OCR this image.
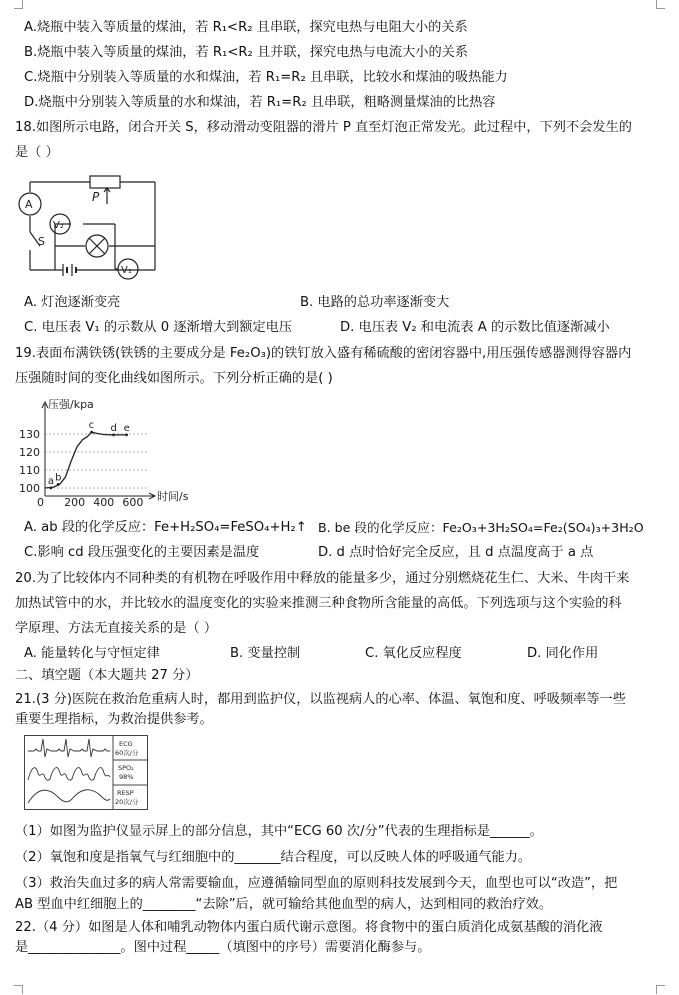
A.烧瓶中装入等质量的煤油，若 R₁<R₂ 且串联，探究电热与电阻大小的关系
B.烧瓶中装入等质量的煤油，若 R₁<R₂ 且并联，探究电热与电流大小的关系
C.烧瓶中分别装入等质量的水和煤油，若 R₁=R₂ 且串联，比较水和煤油的吸热能力
D.烧瓶中分别装入等质量的水和煤油，若 R₁=R₂ 且串联，粗略测量煤油的比热容
18.如图所示电路，闭合开关 S，移动滑动变阻器的滑片 P 直至灯泡正常发光。此过程中，下列不会发生的
是（ ）
P
A
V₂
S
V₁
A. 灯泡逐渐变亮	B. 电路的总功率逐渐变大
C. 电压表 V₁ 的示数从 0 逐渐增大到额定电压	D. 电压表 V₂ 和电流表 A 的示数比值逐渐减小
19.表面布满铁锈(铁锈的主要成分是 Fe₂O₃)的铁钉放入盛有稀硫酸的密闭容器中,用压强传感器测得容器内
压强随时间的变化曲线如图所示。下列分析正确的是( )
100
110
120
130
0 200 400 600
a b
c d e
压强/kpa
时间/s
A. ab 段的化学反应：Fe+H₂SO₄=FeSO₄+H₂↑ B. be 段的化学反应：Fe₂O₃+3H₂SO₄=Fe₂(SO₄)₃+3H₂O
C.影响 cd 段压强变化的主要因素是温度	D. d 点时恰好完全反应，且 d 点温度高于 a 点
20.为了比较体内不同种类的有机物在呼吸作用中释放的能量多少，通过分别燃烧花生仁、大米、牛肉干来
加热试管中的水，并比较水的温度变化的实验来推测三种食物所含能量的高低。下列选项与这个实验的科
学原理、方法无直接关系的是（ ）
A. 能量转化与守恒定律	B. 变量控制	C. 氧化反应程度	D. 同化作用
二、填空题（本大题共 27 分）
21.(3 分)医院在救治危重病人时，都用到监护仪，以监视病人的心率、体温、氧饱和度、呼吸频率等一些
重要生理指标，为救治提供参考。
ECG
60次/分
SPO₂
98%
RESP
20次/分
（1）如图为监护仪显示屏上的部分信息，其中“ECG 60 次/分”代表的生理指标是______。
（2）氧饱和度是指氧气与红细胞中的_______结合程度，可以反映人体的呼吸通气能力。
（3）救治失血过多的病人常需要输血，应遵循输同型血的原则科技发展到今天，血型也可以“改造”，把
AB 型血中红细胞上的________“去除”后，就可输给其他血型的病人，达到相同的救治疗效。
22.（4 分）如图是人体和哺乳动物体内蛋白质代谢示意图。将食物中的蛋白质消化成氨基酸的消化液
是______________。图中过程_____（填图中的序号）需要消化酶参与。
